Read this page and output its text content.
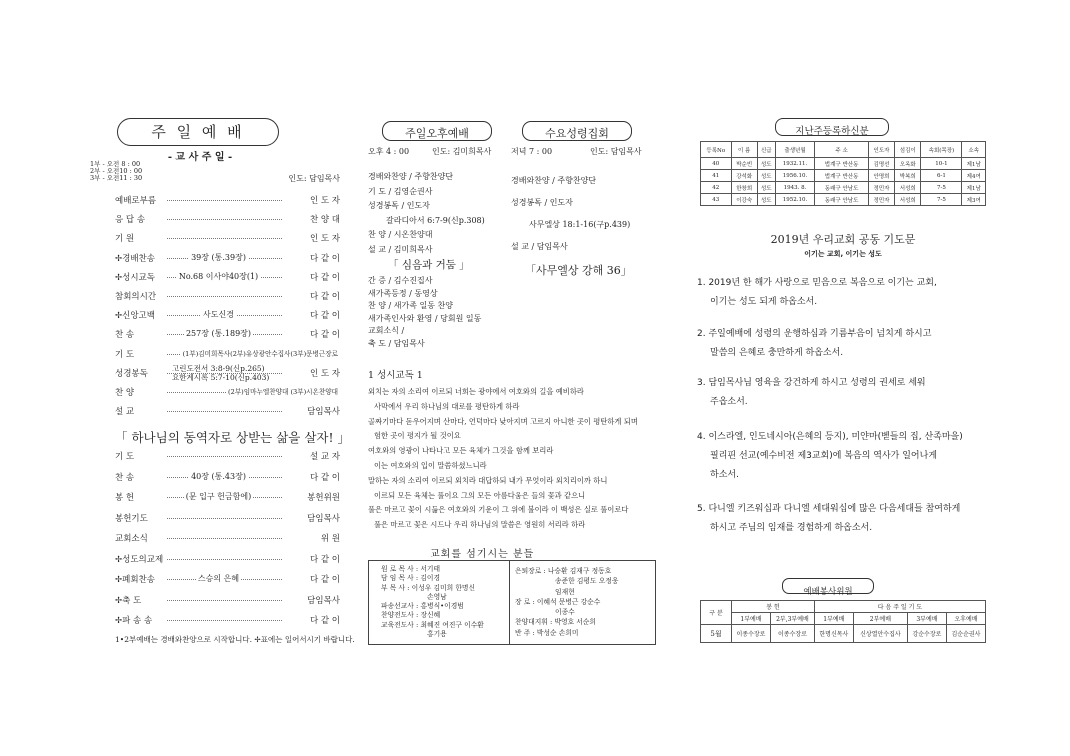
주 일 예 배
- 교 사 주 일 -
1부 - 오전 8 : 00
2부 - 오전10 : 00
3부 - 오전11 : 30	인도: 담임목사
예배로부름	인 도 자
응 답 송	찬 양 대
기 원	인 도 자
✢경배찬송	39장 (통.39장)	다 같 이
✢성시교독	No.68 이사야40장(1)	다 같 이
참회의시간	다 같 이
✢신앙고백	사도신경	다 같 이
찬 송	257장 (통.189장)	다 같 이
기 도	(1부)김미희목사(2부)유상광안수집사(3부)문병근장로
성경봉독	인 도 자
찬 양	(2부)임마누엘찬양대 (3부)시온찬양대
설 교	담임목사
기 도	설 교 자
찬 송	40장 (통.43장)	다 같 이
봉 헌	(문 입구 헌금함에)	봉헌위원
봉헌기도	담임목사
교회소식	위 원
✢성도의교제	다 같 이
✢폐회찬송	스승의 은혜	다 같 이
✢축 도	담임목사
✢파 송 송	다 같 이
고린도전서 3:8-9(신p.265)
요한계시록 5:7-10(신p.403)
「 하나님의 동역자로 상받는 삶을 살자! 」
1•2부예배는 경배와찬양으로 시작합니다. ✢표에는 일어서시기 바랍니다.
주일오후예배	수요성령집회
오후 4 : 00	인도: 김미희목사 저녁 7 : 00	인도: 담임목사
경배와찬양 / 주향찬양단
기 도 / 김영순권사
성경봉독 / 인도자
갈라디아서 6:7-9(신p.308)
찬 양 / 시온찬양대
설 교 / 김미희목사
「 심음과 거둠 」
간 증 / 김수진집사
새가족등정 / 동영상
찬 양 / 새가족 일동 찬양
새가족인사와 환영 / 당회원 일동
교회소식 /
축 도 / 담임목사
경배와찬양 / 주향찬양단
성경봉독 / 인도자
사무엘상 18:1-16(구p.439)
설 교 / 담임목사
「사무엘상 강해 36」
1 성시교독 1
외치는 자의 소리여 이르되 너희는 광야에서 여호와의 길을 예비하라
사막에서 우리 하나님의 대로를 평탄하게 하라
골짜기마다 돋우어지며 산마다, 언덕마다 낮아지며 고르지 아니한 곳이 평탄하게 되며
험한 곳이 평지가 될 것이요
여호와의 영광이 나타나고 모든 육체가 그것을 함께 보리라
이는 여호와의 입이 말씀하셨느니라
말하는 자의 소리여 이르되 외치라 대답하되 내가 무엇이라 외치리이까 하니
이르되 모든 육체는 풀이요 그의 모든 아름다움은 들의 꽃과 같으니
풀은 마르고 꽃이 시듦은 여호와의 기운이 그 위에 불이라 이 백성은 실로 풀이로다
풀은 마르고 꽃은 시드나 우리 하나님의 말씀은 영원히 서리라 하라
교회를 섬기시는 분들
원 로 목 사 : 서기태
담 임 목 사 : 김이경
부 목 사 : 이성우 김미희 한명신
손영남
파송선교사 : 홍병식•이경범
찬양전도사 : 장신혜
교육전도사 : 최혜진 여진구 이수환
홍기용
은퇴장로 : 나승환 김재구 정동호
송준한 김평도 오정웅
임재현
장 로 : 이혜석 문병근 강순수
이종수
찬양대지휘 : 박영호 서순희
반 주 : 박성순 손희미
지난주등록하신분
등록No	이 름	신급	출생년월	주 소	인도자	섬김이	속회(목장)	소속
40	박순빈	성도	1932.11.	법계구 반산동	김명선	오옥화	10-1	제1남
41	강석화	성도	1956.10.	법계구 반산동	안명희	박복희	6-1	제4여
42	한창희	성도	1943. 8.	동래구 안남도	정민자	서성희	7-5	제1남
43	이강숙	성도	1952.10.	동래구 안남도	정민자	서성희	7-5	제3여
2019년 우리교회 공동 기도문
이기는 교회, 이기는 성도
1. 2019년 한 해가 사랑으로 믿음으로 복음으로 이기는 교회,
이기는 성도 되게 하옵소서.
2. 주일예배에 성령의 운행하심과 기름부음이 넘치게 하시고
말씀의 은혜로 충만하게 하옵소서.
3. 담임목사님 영육을 강건하게 하시고 성령의 권세로 세워
주옵소서.
4. 이스라엘, 인도네시아(은혜의 등지), 미얀마(벧들의 집, 산족마을)
필리핀 선교(예수비전 제3교회)에 복음의 역사가 일어나게
하소서.
5. 다니엘 키즈워십과 다니엘 세대워십에 많은 다음세대들 참여하게
하시고 주님의 임재를 경험하게 하옵소서.
예배봉사위원
구 분	봉 헌		다 음 주 일 기 도			
	1부예배	2부,3부예배	1부예배	2부예배	3부예배	오후예배
5월	이종수장로	이종수장로	한명신목사	신상열안수집사	강순수장로	김순순권사
